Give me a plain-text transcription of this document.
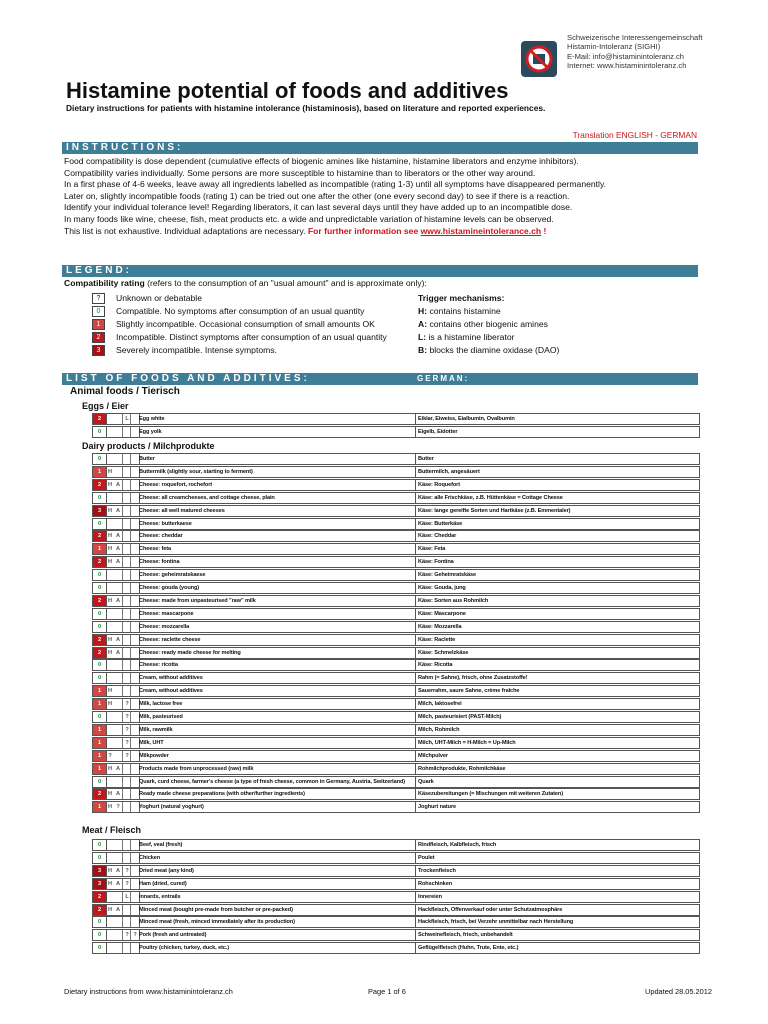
Schweizerische Interessengemeinschaft
Histamin-Intoleranz (SIGHI)
E-Mail: info@histaminintoleranz.ch
Internet: www.histaminintoleranz.ch
Histamine potential of foods and additives
Dietary instructions for patients with histamine intolerance (histaminosis), based on literature and reported experiences.
Translation ENGLISH - GERMAN
INSTRUCTIONS:
Food compatibility is dose dependent (cumulative effects of biogenic amines like histamine, histamine liberators and enzyme inhibitors).
Compatibility varies individually. Some persons are more susceptible to histamine than to liberators or the other way around.
In a first phase of 4-6 weeks, leave away all ingredients labelled as incompatible (rating 1-3) until all symptoms have disappeared permanently.
Later on, slightly incompatible foods (rating 1) can be tried out one after the other (one every second day) to see if there is a reaction.
Identify your individual tolerance level! Regarding liberators, it can last several days until they have added up to an incompatible dose.
In many foods like wine, cheese, fish, meat products etc. a wide and unpredictable variation of histamine levels can be observed.
This list is not exhaustive. Individual adaptations are necessary. For further information see www.histamineintolerance.ch !
LEGEND:
Compatibility rating (refers to the consumption of an "usual amount" and is approximate only):
?	Unknown or debatable
0	Compatible. No symptoms after consumption of an usual quantity
1	Slightly incompatible. Occasional consumption of small amounts OK
2	Incompatible. Distinct symptoms after consumption of an usual quantity
3	Severely incompatible. Intense symptoms.
Trigger mechanisms:
H: contains histamine
A: contains other biogenic amines
L: is a histamine liberator
B: blocks the diamine oxidase (DAO)
LIST OF FOODS AND ADDITIVES:	GERMAN:
Animal foods / Tierisch
Eggs / Eier
2	L	Egg white	Eiklar, Eiweiss, Eialbumin, Ovalbumin
0	Egg yolk	Eigelb, Eidotter
Dairy products / Milchprodukte
0	Butter	Butter
1	H	Buttermilk (slightly sour, starting to ferment)	Buttermilch, angesäuert
2	H A	Cheese: roquefort, rochefort	Käse: Roquefort
0	Cheese: all creamcheeses, and cottage cheese, plain	Käse: alle Frischkäse, z.B. Hüttenkäse = Cottage Cheese
3	H A	Cheese: all well matured cheeses	Käse: lange gereifte Sorten und Hartkäse (z.B. Emmentaler)
0	Cheese: butterkaese	Käse: Butterkäse
2	H A	Cheese: cheddar	Käse: Cheddar
1	H A	Cheese: feta	Käse: Feta
2	H A	Cheese: fontina	Käse: Fontina
0	Cheese: geheimratskaese	Käse: Geheimratskäse
0	Cheese: gouda (young)	Käse: Gouda, jung
2	H A	Cheese: made from unpasteurised "raw" milk	Käse: Sorten aus Rohmilch
0	Cheese: mascarpone	Käse: Mascarpone
0	Cheese: mozzarella	Käse: Mozzarella
2	H A	Cheese: raclette cheese	Käse: Raclette
2	H A	Cheese: ready made cheese for melting	Käse: Schmelzkäse
0	Cheese: ricotta	Käse: Ricotta
0	Cream, without additives	Rahm (= Sahne), frisch, ohne Zusatzstoffe!
1	H	Cream, without additives	Sauerrahm, saure Sahne, crème fraîche
1	H	?	Milk, lactose free	Milch, laktosefrei
0	?	Milk, pasteurised	Milch, pasteurisiert (PAST-Milch)
1	?	Milk, rawmilk	Milch, Rohmilch
1	?	Milk, UHT	Milch, UHT-Milch = H-Milch = Up-Milch
1	?	?	Milkpowder	Milchpulver
1	H A	Products made from unprocessed (raw) milk	Rohmilchprodukte, Rohmilchkäse
0	Quark, curd cheese, farmer's cheese (a type of fresh cheese, common in Germany, Austria, Switzerland)	Quark
2	H A	Ready made cheese preparations (with other/further ingredients)	Käsezubereitungen (= Mischungen mit weiteren Zutaten)
1	H ?	Yoghurt (natural yoghurt)	Joghurt nature
Meat / Fleisch
0	Beef, veal (fresh)	Rindfleisch, Kalbfleisch, frisch
0	Chicken	Poulet
3	H A ?	Dried meat (any kind)	Trockenfleisch
3	H A ?	Ham (dried, cured)	Rohschinken
2	L	Innards, entrails	Innereien
2	H A	Minced meat (bought pre-made from butcher or pre-packed)	Hackfleisch, Offenverkauf oder unter Schutzatmosphäre
0	Minced meat (fresh, minced immediately after its production)	Hackfleisch, frisch, bei Verzehr unmittelbar nach Herstellung
0	? ? Pork (fresh and untreated)	Schweinefleisch, frisch, unbehandelt
0	Poultry (chicken, turkey, duck, etc.)	Geflügelfleisch (Huhn, Trute, Ente, etc.)
Dietary instructions from www.histaminintoleranz.ch	Page 1 of 6	Updated 28.05.2012
